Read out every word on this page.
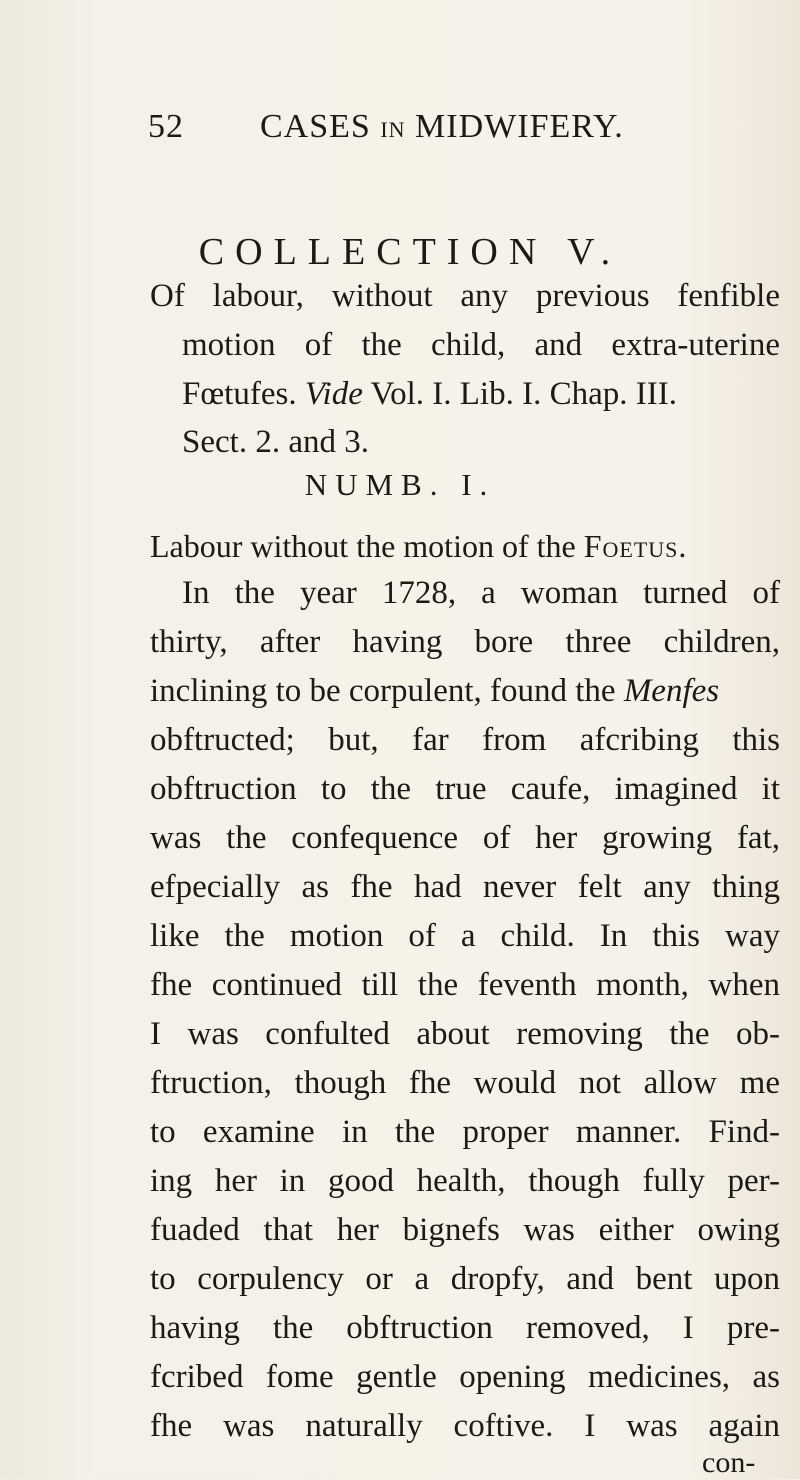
52 CASES IN MIDWIFERY.
COLLECTION V.
Of labour, without any previous fenfible
motion of the child, and extra-uterine
Fœtufes. Vide Vol. I. Lib. I. Chap. III.
Sect. 2. and 3.
NUMB. I.
Labour without the motion of the Foetus.
In the year 1728, a woman turned of
thirty, after having bore three children,
inclining to be corpulent, found the Menfes
obftructed; but, far from afcribing this
obftruction to the true caufe, imagined it
was the confequence of her growing fat,
efpecially as fhe had never felt any thing
like the motion of a child. In this way
fhe continued till the feventh month, when
I was confulted about removing the ob-
ftruction, though fhe would not allow me
to examine in the proper manner. Find-
ing her in good health, though fully per-
fuaded that her bignefs was either owing
to corpulency or a dropfy, and bent upon
having the obftruction removed, I pre-
fcribed fome gentle opening medicines, as
fhe was naturally coftive. I was again
con-
